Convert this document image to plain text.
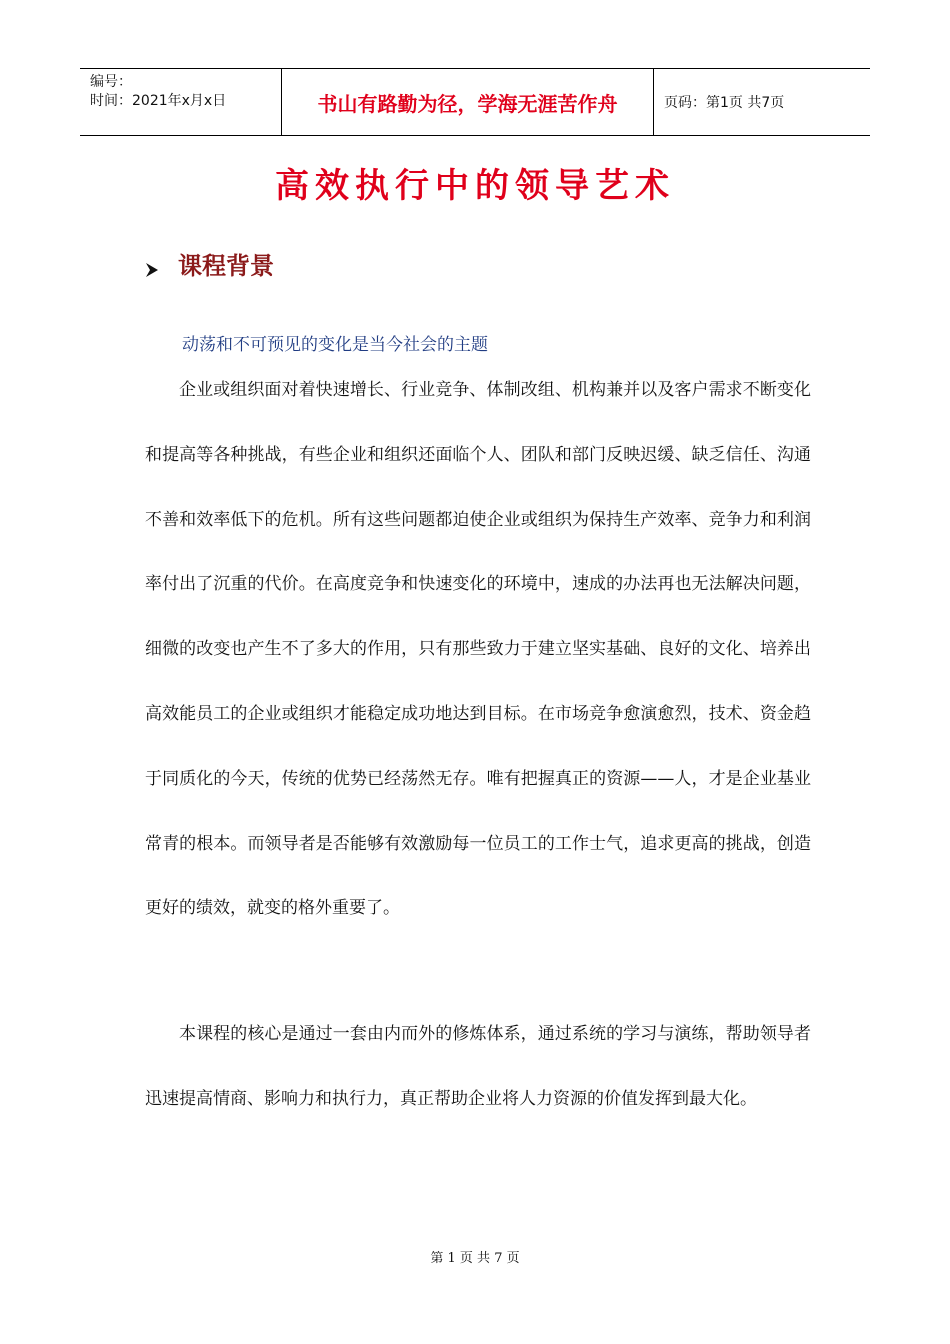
编号：
时间：2021年x月x日	书山有路勤为径，学海无涯苦作舟	页码：第1页 共7页
高效执行中的领导艺术
课程背景
动荡和不可预见的变化是当今社会的主题

企业或组织面对着快速增长、行业竞争、体制改组、机构兼并以及客户需求不断变化和提高等各种挑战，有些企业和组织还面临个人、团队和部门反映迟缓、缺乏信任、沟通不善和效率低下的危机。所有这些问题都迫使企业或组织为保持生产效率、竞争力和利润率付出了沉重的代价。在高度竞争和快速变化的环境中，速成的办法再也无法解决问题，细微的改变也产生不了多大的作用，只有那些致力于建立坚实基础、良好的文化、培养出高效能员工的企业或组织才能稳定成功地达到目标。在市场竞争愈演愈烈，技术、资金趋于同质化的今天，传统的优势已经荡然无存。唯有把握真正的资源——人，才是企业基业常青的根本。而领导者是否能够有效激励每一位员工的工作士气，追求更高的挑战，创造更好的绩效，就变的格外重要了。

本课程的核心是通过一套由内而外的修炼体系，通过系统的学习与演练，帮助领导者迅速提高情商、影响力和执行力，真正帮助企业将人力资源的价值发挥到最大化。

第 1 页 共 7 页
